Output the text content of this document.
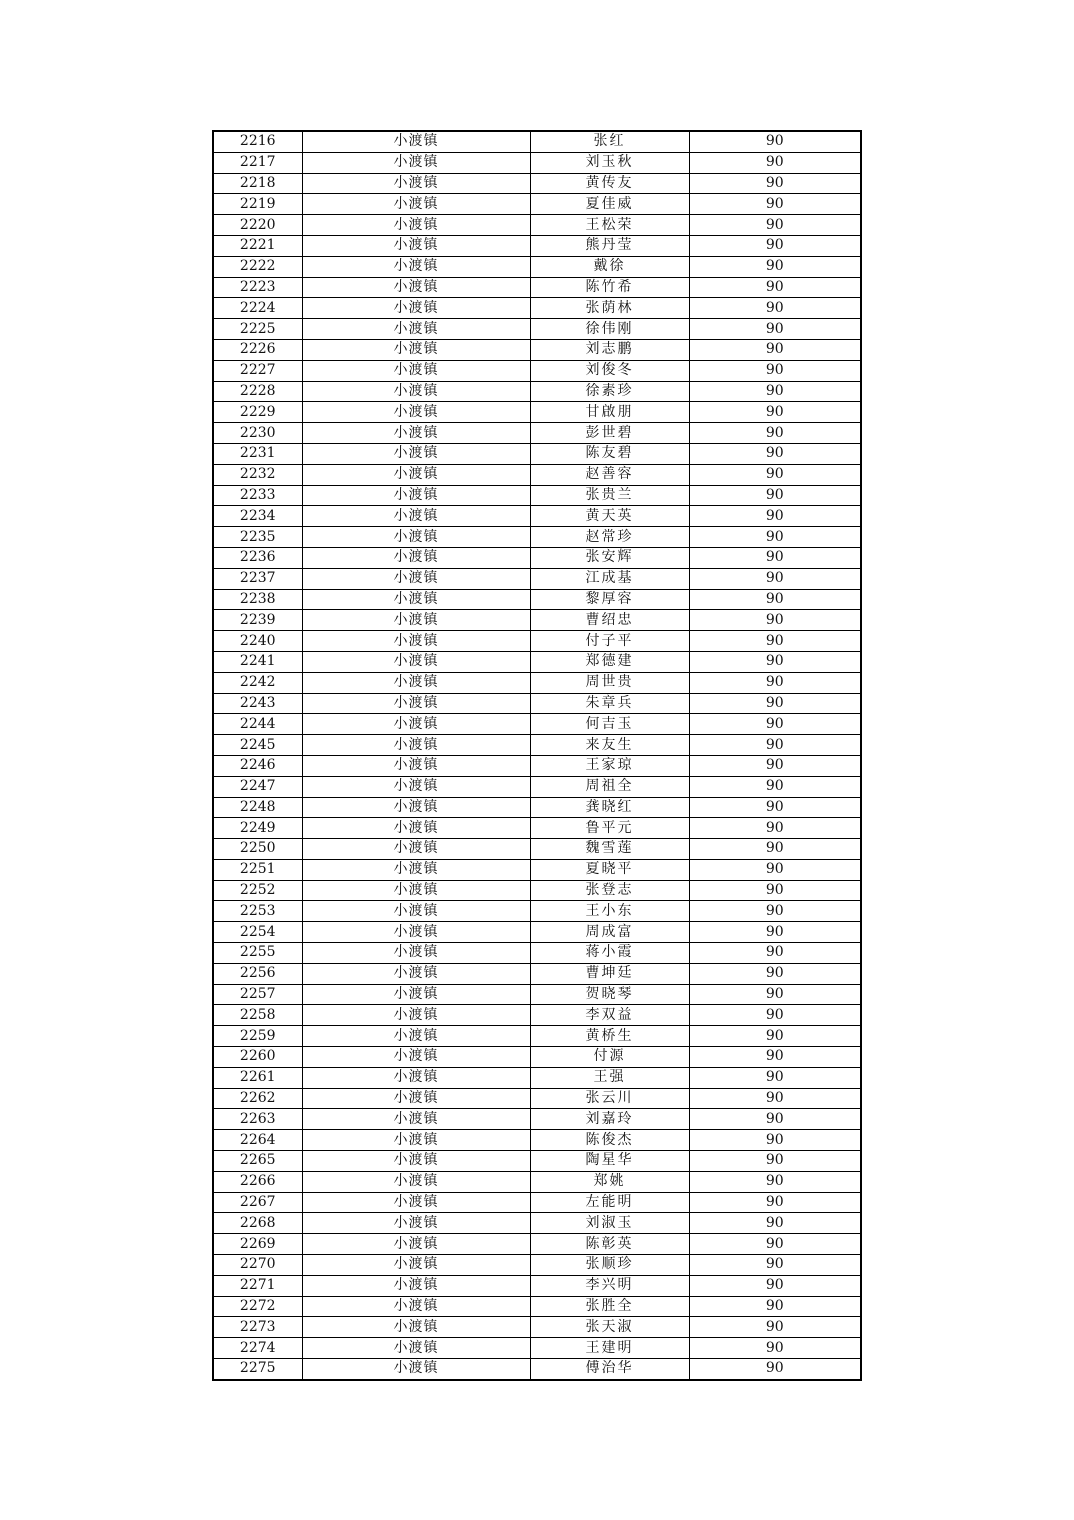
2216	小渡镇	张红	90
2217	小渡镇	刘玉秋	90
2218	小渡镇	黄传友	90
2219	小渡镇	夏佳威	90
2220	小渡镇	王松荣	90
2221	小渡镇	熊丹莹	90
2222	小渡镇	戴徐	90
2223	小渡镇	陈竹希	90
2224	小渡镇	张荫林	90
2225	小渡镇	徐伟刚	90
2226	小渡镇	刘志鹏	90
2227	小渡镇	刘俊冬	90
2228	小渡镇	徐素珍	90
2229	小渡镇	甘啟朋	90
2230	小渡镇	彭世碧	90
2231	小渡镇	陈友碧	90
2232	小渡镇	赵善容	90
2233	小渡镇	张贵兰	90
2234	小渡镇	黄天英	90
2235	小渡镇	赵常珍	90
2236	小渡镇	张安辉	90
2237	小渡镇	江成基	90
2238	小渡镇	黎厚容	90
2239	小渡镇	曹绍忠	90
2240	小渡镇	付子平	90
2241	小渡镇	郑德建	90
2242	小渡镇	周世贵	90
2243	小渡镇	朱章兵	90
2244	小渡镇	何吉玉	90
2245	小渡镇	来友生	90
2246	小渡镇	王家琼	90
2247	小渡镇	周祖全	90
2248	小渡镇	龚晓红	90
2249	小渡镇	鲁平元	90
2250	小渡镇	魏雪莲	90
2251	小渡镇	夏晓平	90
2252	小渡镇	张登志	90
2253	小渡镇	王小东	90
2254	小渡镇	周成富	90
2255	小渡镇	蒋小霞	90
2256	小渡镇	曹坤廷	90
2257	小渡镇	贺晓琴	90
2258	小渡镇	李双益	90
2259	小渡镇	黄桥生	90
2260	小渡镇	付源	90
2261	小渡镇	王强	90
2262	小渡镇	张云川	90
2263	小渡镇	刘嘉玲	90
2264	小渡镇	陈俊杰	90
2265	小渡镇	陶星华	90
2266	小渡镇	郑姚	90
2267	小渡镇	左能明	90
2268	小渡镇	刘淑玉	90
2269	小渡镇	陈彰英	90
2270	小渡镇	张顺珍	90
2271	小渡镇	李兴明	90
2272	小渡镇	张胜全	90
2273	小渡镇	张天淑	90
2274	小渡镇	王建明	90
2275	小渡镇	傅治华	90
